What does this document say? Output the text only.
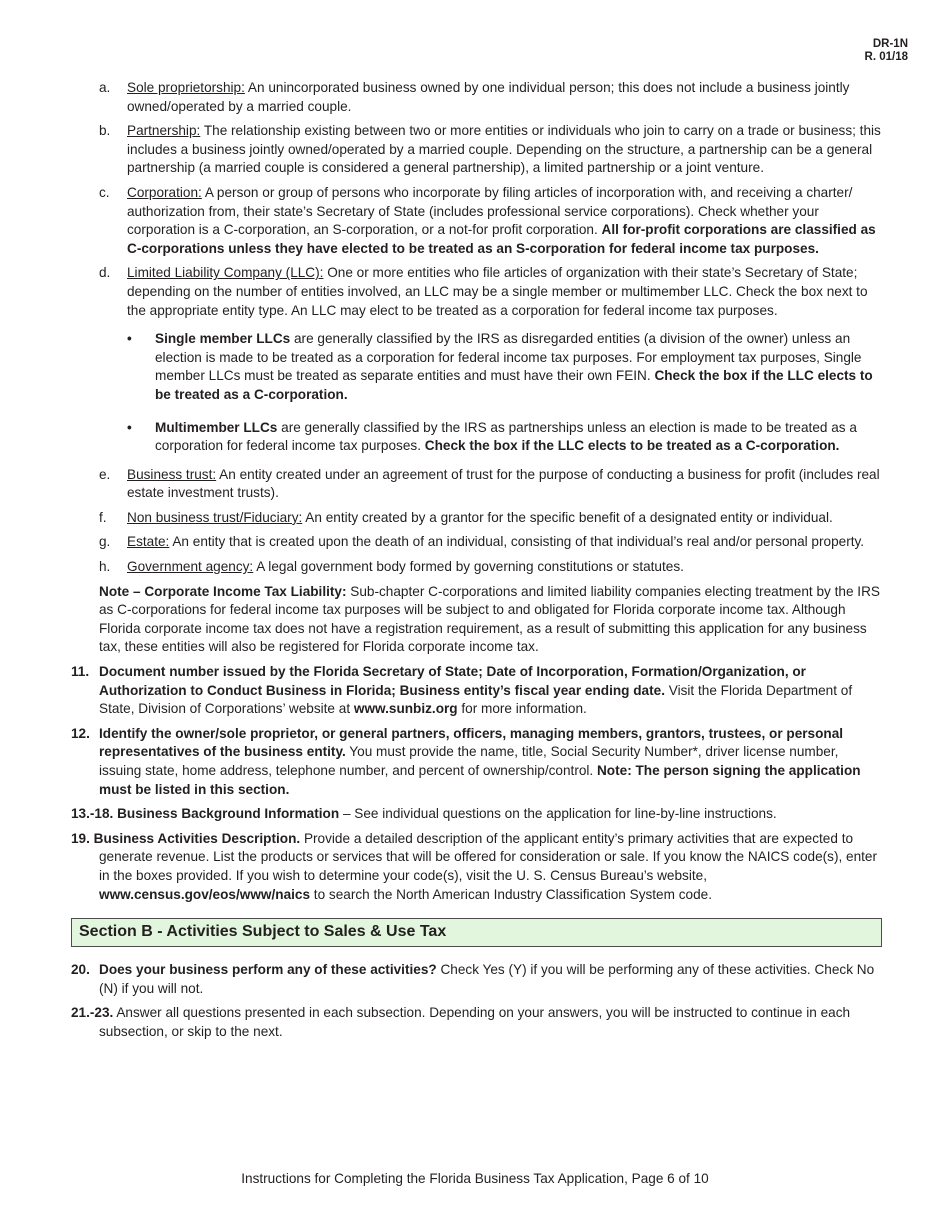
DR-1N
R. 01/18
a. Sole proprietorship: An unincorporated business owned by one individual person; this does not include a business jointly owned/operated by a married couple.
b. Partnership: The relationship existing between two or more entities or individuals who join to carry on a trade or business; this includes a business jointly owned/operated by a married couple. Depending on the structure, a partnership can be a general partnership (a married couple is considered a general partnership), a limited partnership or a joint venture.
c. Corporation: A person or group of persons who incorporate by filing articles of incorporation with, and receiving a charter/ authorization from, their state’s Secretary of State (includes professional service corporations). Check whether your corporation is a C-corporation, an S-corporation, or a not-for profit corporation. All for-profit corporations are classified as C-corporations unless they have elected to be treated as an S-corporation for federal income tax purposes.
d. Limited Liability Company (LLC): One or more entities who file articles of organization with their state’s Secretary of State; depending on the number of entities involved, an LLC may be a single member or multimember LLC. Check the box next to the appropriate entity type. An LLC may elect to be treated as a corporation for federal income tax purposes.
• Single member LLCs are generally classified by the IRS as disregarded entities (a division of the owner) unless an election is made to be treated as a corporation for federal income tax purposes. For employment tax purposes, Single member LLCs must be treated as separate entities and must have their own FEIN. Check the box if the LLC elects to be treated as a C-corporation.
• Multimember LLCs are generally classified by the IRS as partnerships unless an election is made to be treated as a corporation for federal income tax purposes. Check the box if the LLC elects to be treated as a C-corporation.
e. Business trust: An entity created under an agreement of trust for the purpose of conducting a business for profit (includes real estate investment trusts).
f. Non business trust/Fiduciary: An entity created by a grantor for the specific benefit of a designated entity or individual.
g. Estate: An entity that is created upon the death of an individual, consisting of that individual’s real and/or personal property.
h. Government agency: A legal government body formed by governing constitutions or statutes.
Note – Corporate Income Tax Liability: Sub-chapter C-corporations and limited liability companies electing treatment by the IRS as C-corporations for federal income tax purposes will be subject to and obligated for Florida corporate income tax. Although Florida corporate income tax does not have a registration requirement, as a result of submitting this application for any business tax, these entities will also be registered for Florida corporate income tax.
11. Document number issued by the Florida Secretary of State; Date of Incorporation, Formation/Organization, or Authorization to Conduct Business in Florida; Business entity’s fiscal year ending date. Visit the Florida Department of State, Division of Corporations’ website at www.sunbiz.org for more information.
12. Identify the owner/sole proprietor, or general partners, officers, managing members, grantors, trustees, or personal representatives of the business entity. You must provide the name, title, Social Security Number*, driver license number, issuing state, home address, telephone number, and percent of ownership/control. Note: The person signing the application must be listed in this section.
13.-18. Business Background Information – See individual questions on the application for line-by-line instructions.
19. Business Activities Description. Provide a detailed description of the applicant entity’s primary activities that are expected to generate revenue. List the products or services that will be offered for consideration or sale. If you know the NAICS code(s), enter in the boxes provided. If you wish to determine your code(s), visit the U. S. Census Bureau’s website, www.census.gov/eos/www/naics to search the North American Industry Classification System code.
Section B - Activities Subject to Sales & Use Tax
20. Does your business perform any of these activities? Check Yes (Y) if you will be performing any of these activities. Check No (N) if you will not.
21.-23. Answer all questions presented in each subsection. Depending on your answers, you will be instructed to continue in each subsection, or skip to the next.
Instructions for Completing the Florida Business Tax Application, Page 6 of 10
